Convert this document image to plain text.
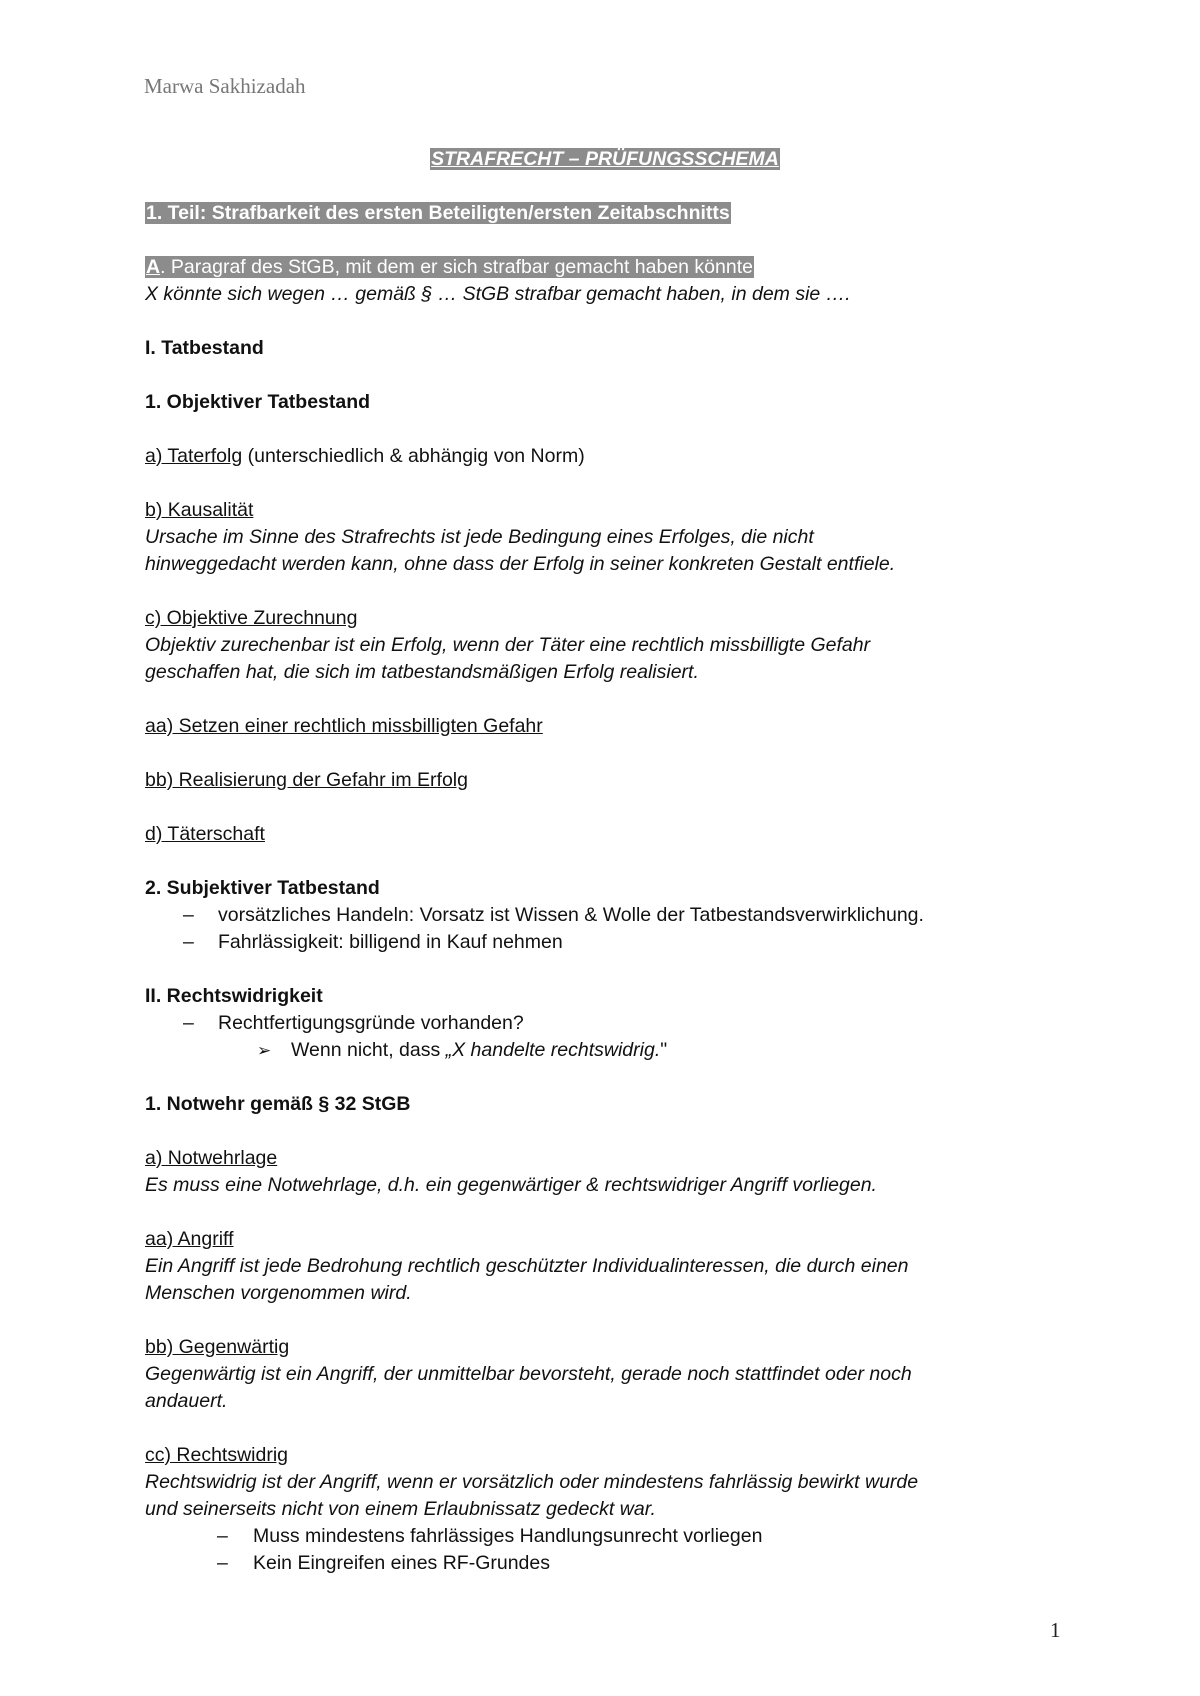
Marwa Sakhizadah

STRAFRECHT – PRÜFUNGSSCHEMA

1. Teil: Strafbarkeit des ersten Beteiligten/ersten Zeitabschnitts

A. Paragraf des StGB, mit dem er sich strafbar gemacht haben könnte

X könnte sich wegen … gemäß § … StGB strafbar gemacht haben, in dem sie ….

I. Tatbestand

1. Objektiver Tatbestand

a) Taterfolg (unterschiedlich & abhängig von Norm)

b) Kausalität

Ursache im Sinne des Strafrechts ist jede Bedingung eines Erfolges, die nicht

hinweggedacht werden kann, ohne dass der Erfolg in seiner konkreten Gestalt entfiele.

c) Objektive Zurechnung

Objektiv zurechenbar ist ein Erfolg, wenn der Täter eine rechtlich missbilligte Gefahr

geschaffen hat, die sich im tatbestandsmäßigen Erfolg realisiert.

aa) Setzen einer rechtlich missbilligten Gefahr

bb) Realisierung der Gefahr im Erfolg

d) Täterschaft

2. Subjektiver Tatbestand

– vorsätzliches Handeln: Vorsatz ist Wissen & Wolle der Tatbestandsverwirklichung.
– Fahrlässigkeit: billigend in Kauf nehmen

II. Rechtswidrigkeit

– Rechtfertigungsgründe vorhanden?
➢ Wenn nicht, dass „X handelte rechtswidrig."

1. Notwehr gemäß § 32 StGB

a) Notwehrlage

Es muss eine Notwehrlage, d.h. ein gegenwärtiger & rechtswidriger Angriff vorliegen.

aa) Angriff

Ein Angriff ist jede Bedrohung rechtlich geschützter Individualinteressen, die durch einen

Menschen vorgenommen wird.

bb) Gegenwärtig

Gegenwärtig ist ein Angriff, der unmittelbar bevorsteht, gerade noch stattfindet oder noch

andauert.

cc) Rechtswidrig

Rechtswidrig ist der Angriff, wenn er vorsätzlich oder mindestens fahrlässig bewirkt wurde

und seinerseits nicht von einem Erlaubnissatz gedeckt war.

– Muss mindestens fahrlässiges Handlungsunrecht vorliegen
– Kein Eingreifen eines RF-Grundes
1
